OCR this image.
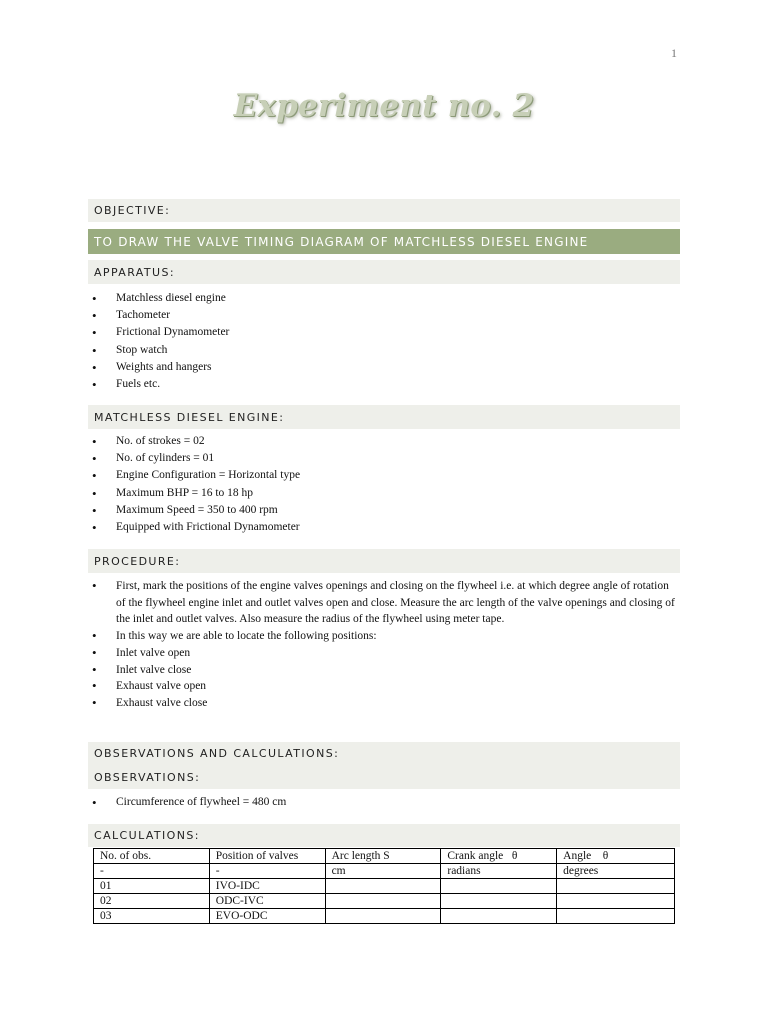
1
Experiment no. 2
OBJECTIVE:
TO DRAW THE VALVE TIMING DIAGRAM OF MATCHLESS DIESEL ENGINE
APPARATUS:
• Matchless diesel engine
• Tachometer
• Frictional Dynamometer
• Stop watch
• Weights and hangers
• Fuels etc.
MATCHLESS DIESEL ENGINE:
• No. of strokes = 02
• No. of cylinders = 01
• Engine Configuration = Horizontal type
• Maximum BHP = 16 to 18 hp
• Maximum Speed = 350 to 400 rpm
• Equipped with Frictional Dynamometer
PROCEDURE:
• First, mark the positions of the engine valves openings and closing on the flywheel i.e. at which degree angle of rotation of the flywheel engine inlet and outlet valves open and close. Measure the arc length of the valve openings and closing of the inlet and outlet valves. Also measure the radius of the flywheel using meter tape.
• In this way we are able to locate the following positions:
• Inlet valve open
• Inlet valve close
• Exhaust valve open
• Exhaust valve close
OBSERVATIONS AND CALCULATIONS:
OBSERVATIONS:
• Circumference of flywheel = 480 cm
CALCULATIONS:
No. of obs.	Position of valves	Arc length S	Crank angle   θ	Angle    θ
-	-	cm	radians	degrees
01	IVO-IDC			
02	ODC-IVC			
03	EVO-ODC			
